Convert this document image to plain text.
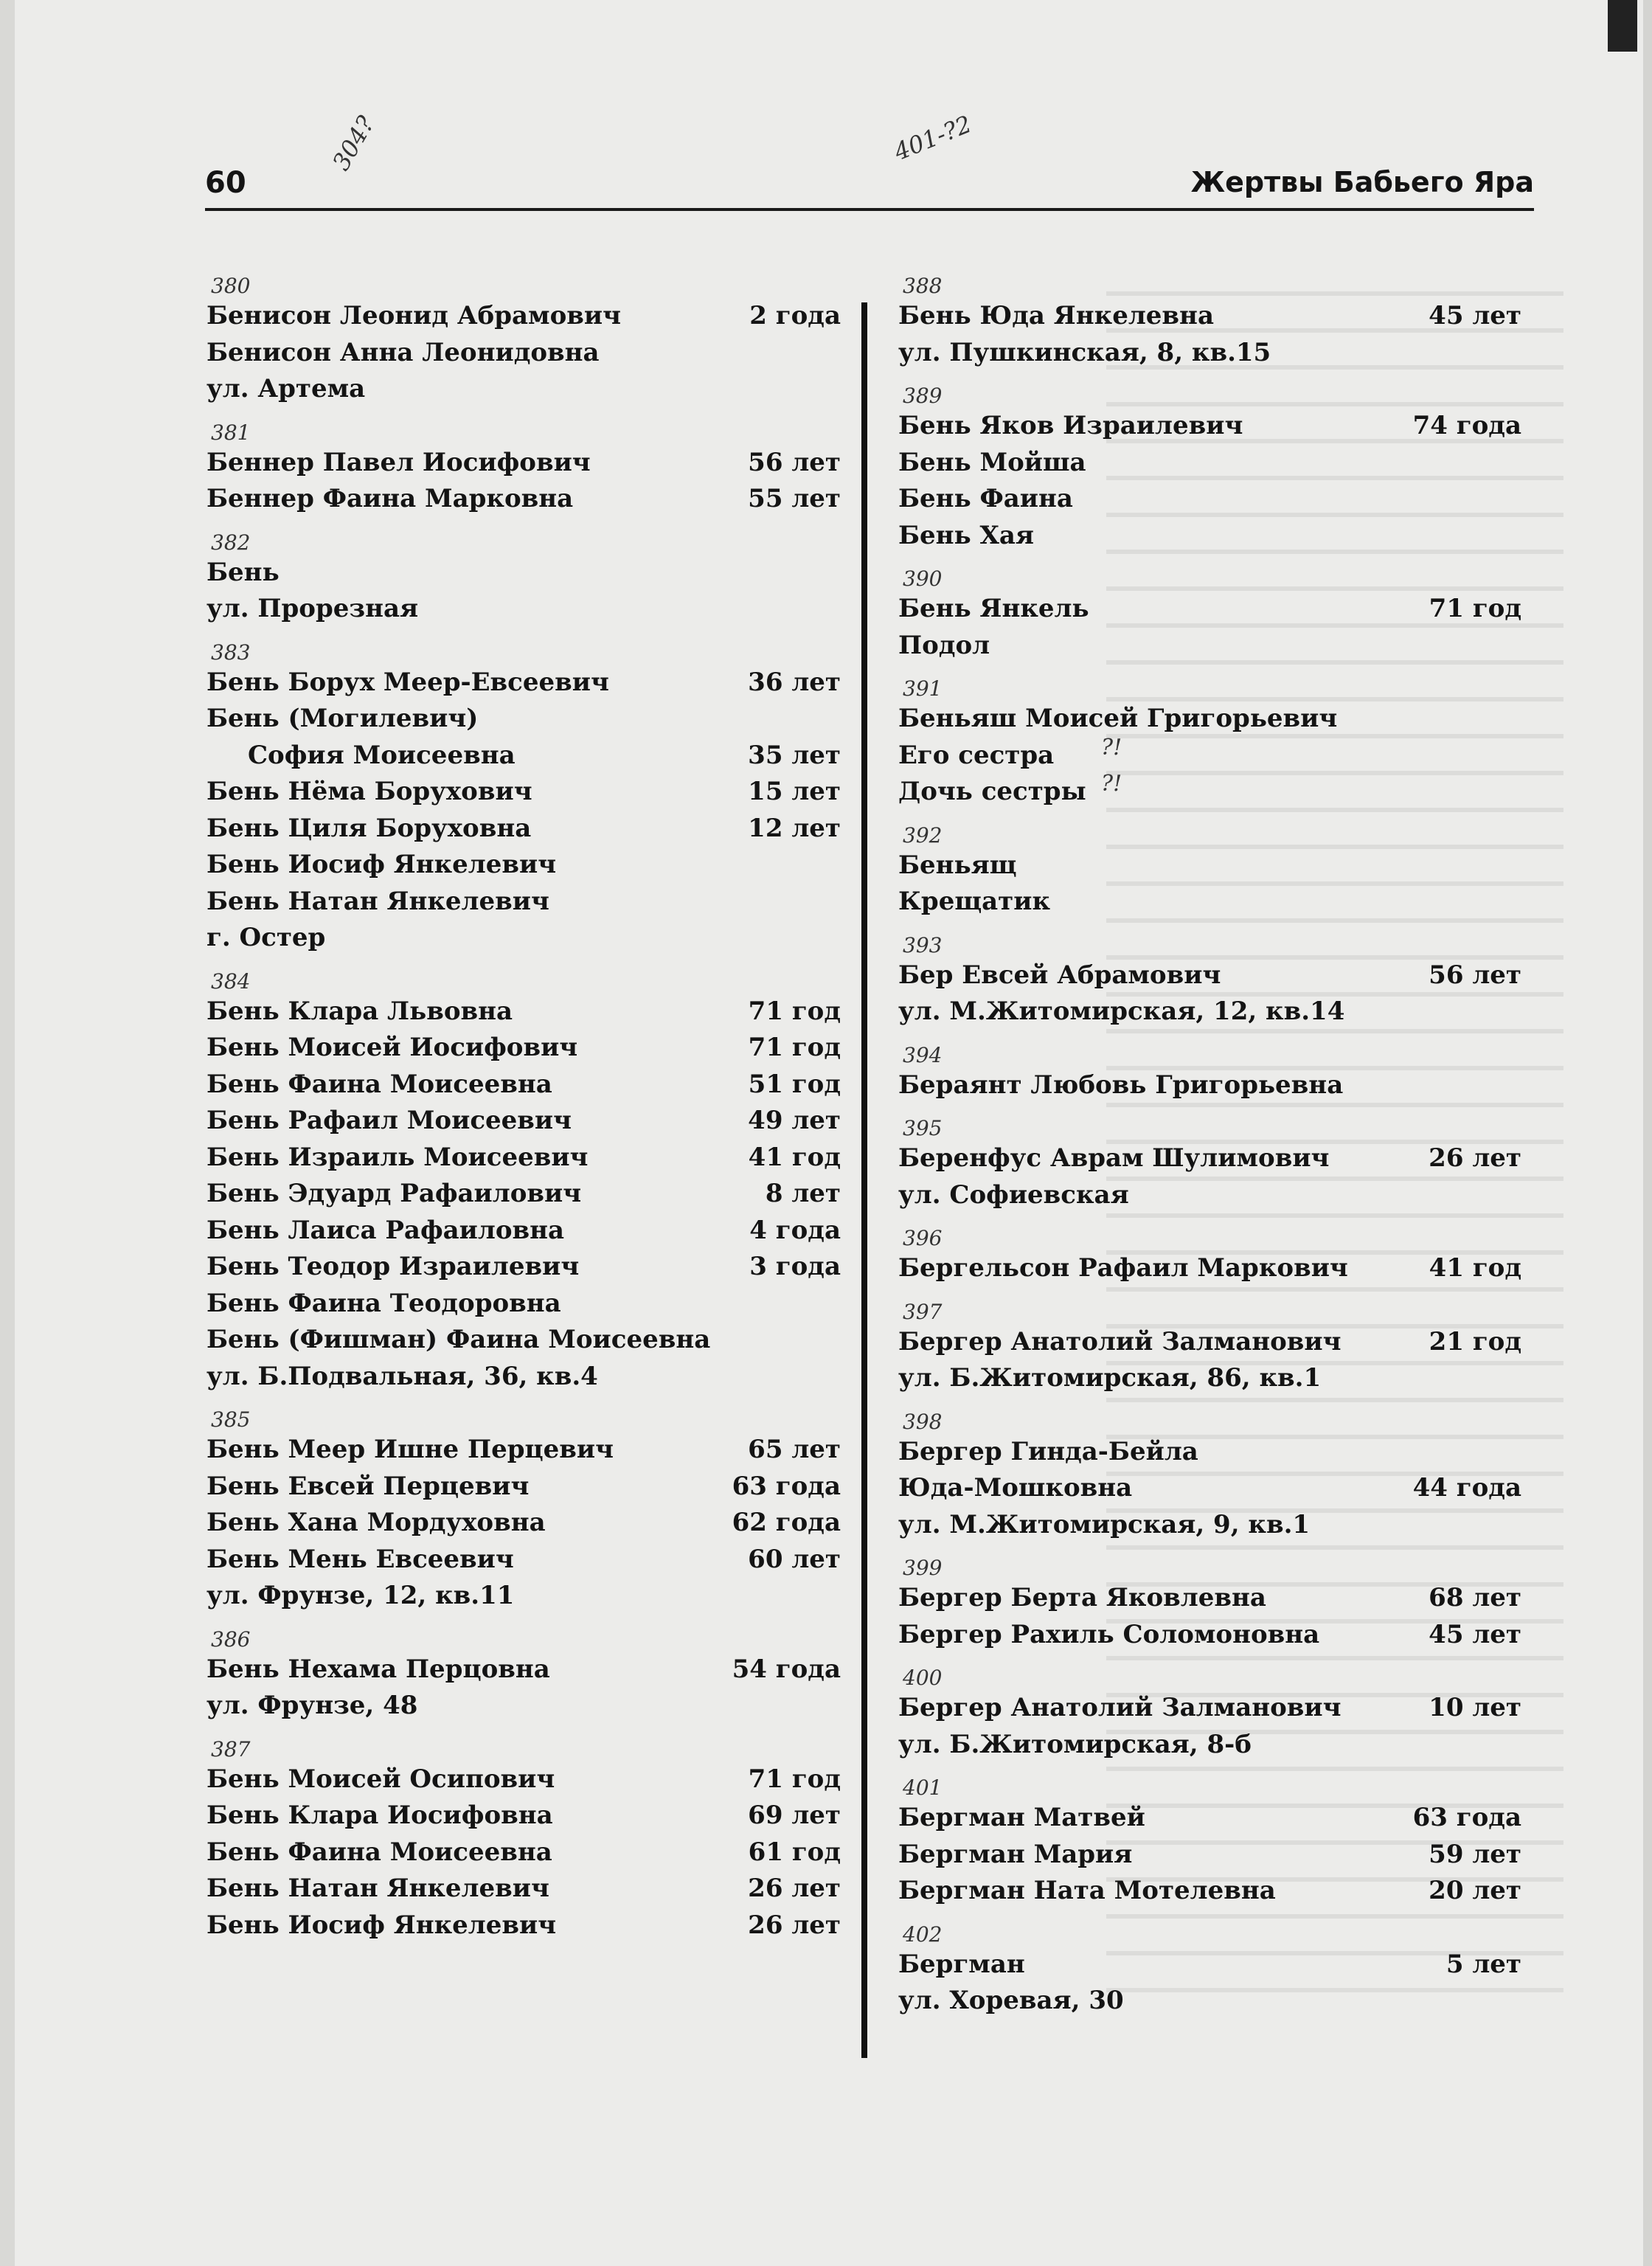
60	Жертвы Бабьего Яра
304?	401-?2
380
Бенисон Леонид Абрамович	2 года
Бенисон Анна Леонидовна
ул. Артема
381
Беннер Павел Иосифович	56 лет
Беннер Фаина Марковна	55 лет
382
Бень
ул. Прорезная
383
Бень Борух Меер-Евсеевич	36 лет
Бень (Могилевич)
София Моисеевна	35 лет
Бень Нёма Борухович	15 лет
Бень Циля Боруховна	12 лет
Бень Иосиф Янкелевич
Бень Натан Янкелевич
г. Остер
384
Бень Клара Львовна	71 год
Бень Моисей Иосифович	71 год
Бень Фаина Моисеевна	51 год
Бень Рафаил Моисеевич	49 лет
Бень Израиль Моисеевич	41 год
Бень Эдуард Рафаилович	8 лет
Бень Лаиса Рафаиловна	4 года
Бень Теодор Израилевич	3 года
Бень Фаина Теодоровна
Бень (Фишман) Фаина Моисеевна
ул. Б.Подвальная, 36, кв.4
385
Бень Меер Ишне Перцевич	65 лет
Бень Евсей Перцевич	63 года
Бень Хана Мордуховна	62 года
Бень Мень Евсеевич	60 лет
ул. Фрунзе, 12, кв.11
386
Бень Нехама Перцовна	54 года
ул. Фрунзе, 48
387
Бень Моисей Осипович	71 год
Бень Клара Иосифовна	69 лет
Бень Фаина Моисеевна	61 год
Бень Натан Янкелевич	26 лет
Бень Иосиф Янкелевич	26 лет
388
Бень Юда Янкелевна	45 лет
ул. Пушкинская, 8, кв.15
389
Бень Яков Израилевич	74 года
Бень Мойша
Бень Фаина
Бень Хая
390
Бень Янкель	71 год
Подол
391
Беньяш Моисей Григорьевич
Его сестра ?!
Дочь сестры ?!
392
Беньящ
Крещатик
393
Бер Евсей Абрамович	56 лет
ул. М.Житомирская, 12, кв.14
394
Бераянт Любовь Григорьевна
395
Беренфус Аврам Шулимович	26 лет
ул. Софиевская
396
Бергельсон Рафаил Маркович	41 год
397
Бергер Анатолий Залманович	21 год
ул. Б.Житомирская, 86, кв.1
398
Бергер Гинда-Бейла
Юда-Мошковна	44 года
ул. М.Житомирская, 9, кв.1
399
Бергер Берта Яковлевна	68 лет
Бергер Рахиль Соломоновна	45 лет
400
Бергер Анатолий Залманович	10 лет
ул. Б.Житомирская, 8-б
401
Бергман Матвей	63 года
Бергман Мария	59 лет
Бергман Ната Мотелевна	20 лет
402
Бергман	5 лет
ул. Хоревая, 30
